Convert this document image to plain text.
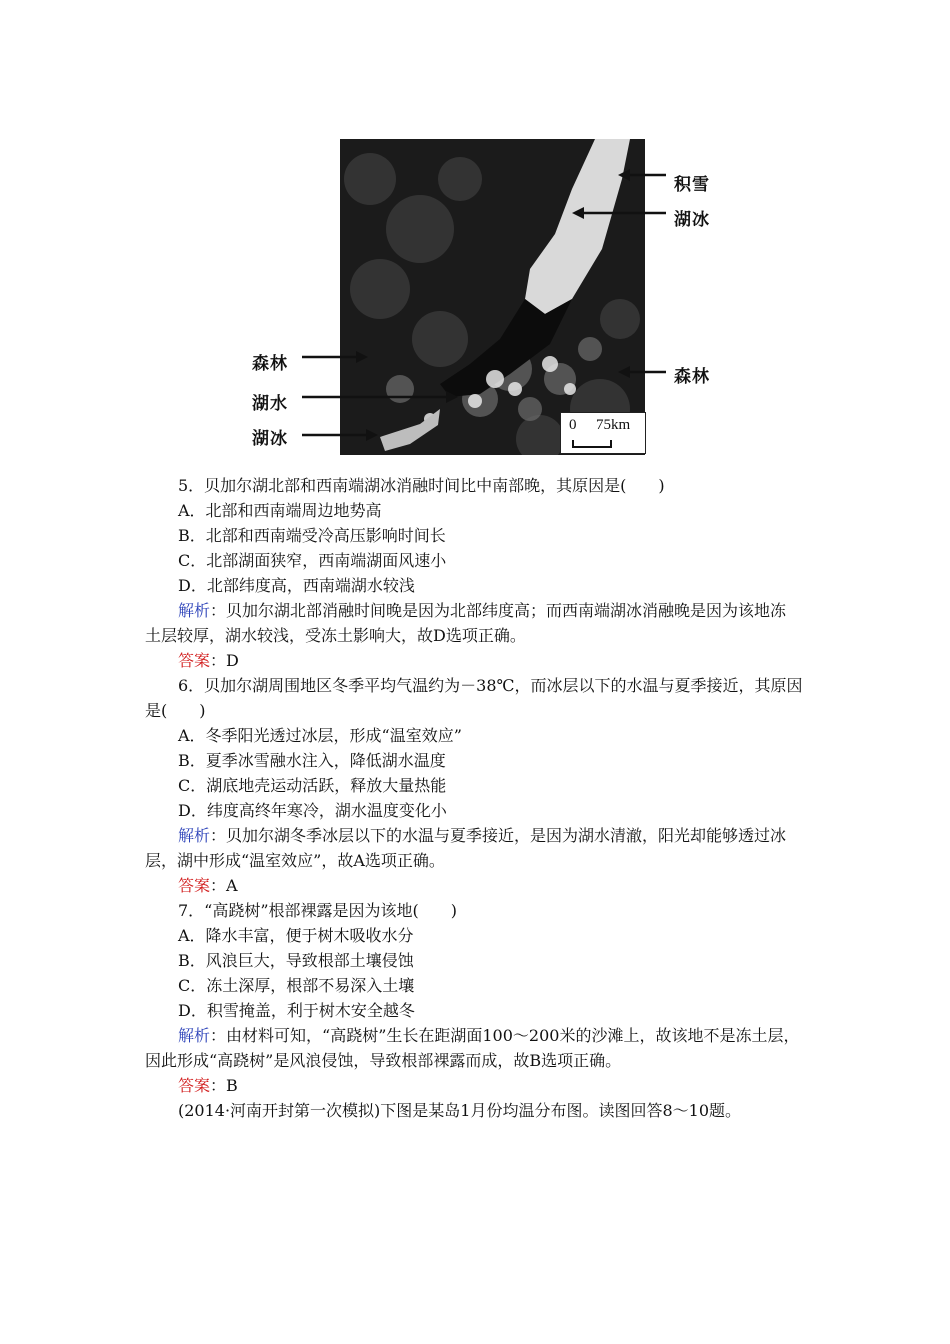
积雪
湖冰
森林
森林
湖水
湖冰
0 75km
5．贝加尔湖北部和西南端湖冰消融时间比中南部晚，其原因是(　　)
A．北部和西南端周边地势高
B．北部和西南端受冷高压影响时间长
C．北部湖面狭窄，西南端湖面风速小
D．北部纬度高，西南端湖水较浅
解析：贝加尔湖北部消融时间晚是因为北部纬度高；而西南端湖冰消融晚是因为该地冻
土层较厚，湖水较浅，受冻土影响大，故D选项正确。
答案：D
6．贝加尔湖周围地区冬季平均气温约为－38℃，而冰层以下的水温与夏季接近，其原因
是(　　)
A．冬季阳光透过冰层，形成“温室效应”
B．夏季冰雪融水注入，降低湖水温度
C．湖底地壳运动活跃，释放大量热能
D．纬度高终年寒冷，湖水温度变化小
解析：贝加尔湖冬季冰层以下的水温与夏季接近，是因为湖水清澈，阳光却能够透过冰
层，湖中形成“温室效应”，故A选项正确。
答案：A
7．“高跷树”根部裸露是因为该地(　　)
A．降水丰富，便于树木吸收水分
B．风浪巨大，导致根部土壤侵蚀
C．冻土深厚，根部不易深入土壤
D．积雪掩盖，利于树木安全越冬
解析：由材料可知，“高跷树”生长在距湖面100～200米的沙滩上，故该地不是冻土层，
因此形成“高跷树”是风浪侵蚀，导致根部裸露而成，故B选项正确。
答案：B
(2014·河南开封第一次模拟)下图是某岛1月份均温分布图。读图回答8～10题。
